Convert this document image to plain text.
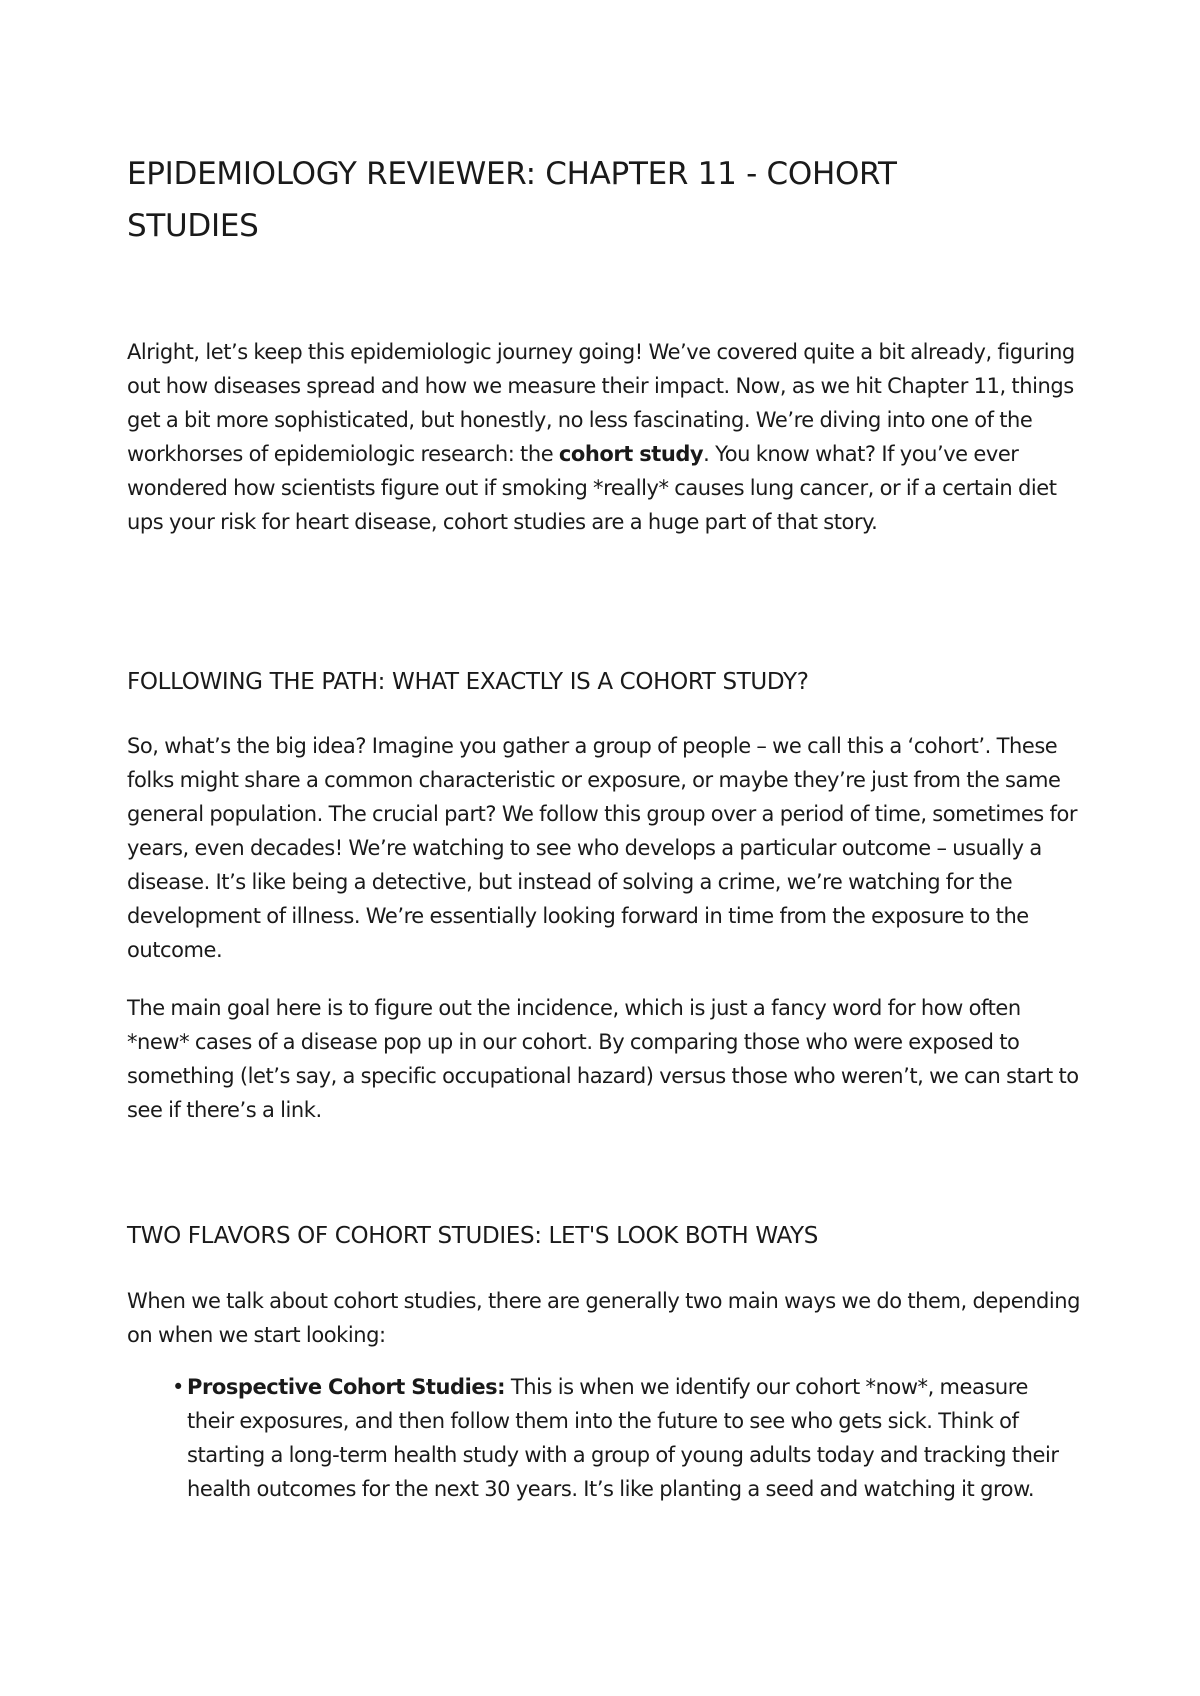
EPIDEMIOLOGY REVIEWER: CHAPTER 11 - COHORT STUDIES

Alright, let’s keep this epidemiologic journey going! We’ve covered quite a bit already, figuring out how diseases spread and how we measure their impact. Now, as we hit Chapter 11, things get a bit more sophisticated, but honestly, no less fascinating. We’re diving into one of the workhorses of epidemiologic research: the cohort study. You know what? If you’ve ever wondered how scientists figure out if smoking *really* causes lung cancer, or if a certain diet ups your risk for heart disease, cohort studies are a huge part of that story.

FOLLOWING THE PATH: WHAT EXACTLY IS A COHORT STUDY?

So, what’s the big idea? Imagine you gather a group of people – we call this a ‘cohort’. These folks might share a common characteristic or exposure, or maybe they’re just from the same general population. The crucial part? We follow this group over a period of time, sometimes for years, even decades! We’re watching to see who develops a particular outcome – usually a disease. It’s like being a detective, but instead of solving a crime, we’re watching for the development of illness. We’re essentially looking forward in time from the exposure to the outcome.

The main goal here is to figure out the incidence, which is just a fancy word for how often *new* cases of a disease pop up in our cohort. By comparing those who were exposed to something (let’s say, a specific occupational hazard) versus those who weren’t, we can start to see if there’s a link.

TWO FLAVORS OF COHORT STUDIES: LET'S LOOK BOTH WAYS

When we talk about cohort studies, there are generally two main ways we do them, depending on when we start looking:

• Prospective Cohort Studies: This is when we identify our cohort *now*, measure their exposures, and then follow them into the future to see who gets sick. Think of starting a long-term health study with a group of young adults today and tracking their health outcomes for the next 30 years. It’s like planting a seed and watching it grow.
